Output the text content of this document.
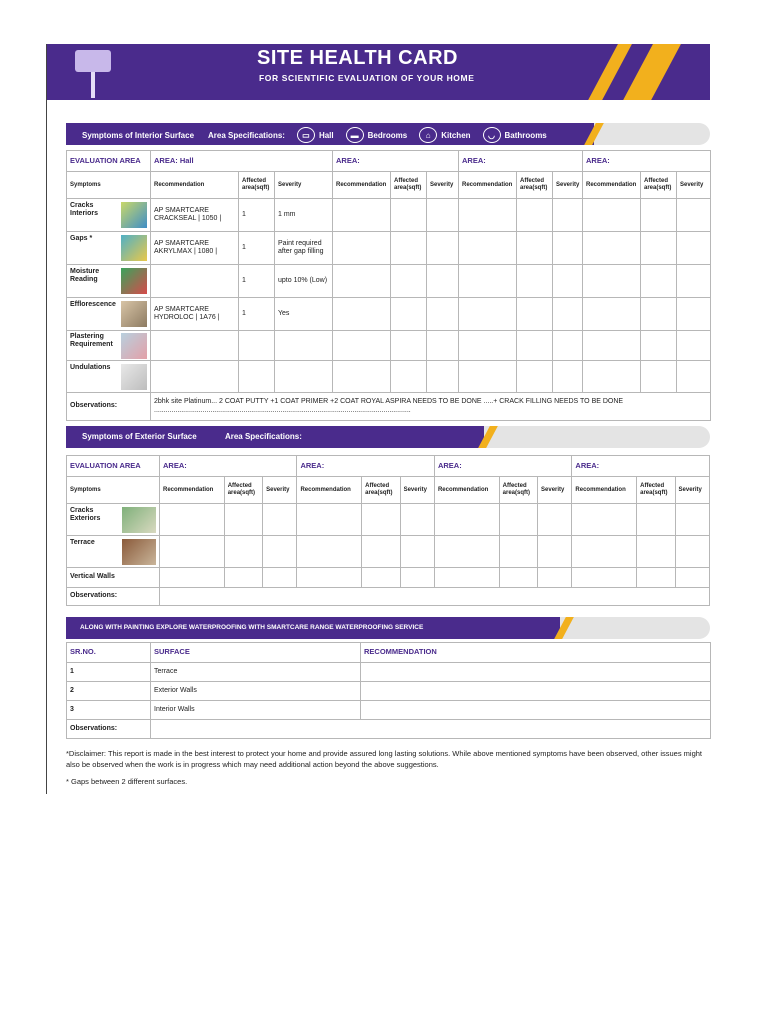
SITE HEALTH CARD
FOR SCIENTIFIC EVALUATION OF YOUR HOME
Symptoms of Interior Surface Area Specifications:	▭	Hall	▬	Bedrooms	⌂	Kitchen	◡	Bathrooms
EVALUATION AREA	AREA: Hall			AREA:			AREA:			AREA:		
Symptoms	Recommendation	Affected area(sqft)	Severity	Recommendation	Affected area(sqft)	Severity	Recommendation	Affected area(sqft)	Severity	Recommendation	Affected area(sqft)	Severity

Cracks Interiors	AP SMARTCARE CRACKSEAL | 1050 |	1	1 mm									

Gaps *	AP SMARTCARE AKRYLMAX | 1080 |	1	Paint required after gap filling									

Moisture Reading		1	upto 10% (Low)									

Efflorescence	AP SMARTCARE HYDROLOC | 1A76 |	1	Yes									

Plastering Requirement												

Undulations												
Observations:	2bhk site Platinum... 2 COAT PUTTY +1 COAT PRIMER +2 COAT ROYAL ASPIRA NEEDS TO BE DONE .....+ CRACK FILLING NEEDS TO BE DONE ....................................................................................................................................											
Symptoms of Exterior Surface	Area Specifications:
EVALUATION AREA	AREA:			AREA:			AREA:			AREA:		
Symptoms	Recommendation	Affected area(sqft)	Severity	Recommendation	Affected area(sqft)	Severity	Recommendation	Affected area(sqft)	Severity	Recommendation	Affected area(sqft)	Severity

Cracks Exteriors												

Terrace												
Vertical Walls												
Observations:												
ALONG WITH PAINTING EXPLORE WATERPROOFING WITH SMARTCARE RANGE WATERPROOFING SERVICE
SR.NO.	SURFACE	RECOMMENDATION
1	Terrace	
2	Exterior Walls	
3	Interior Walls	
Observations:		
*Disclaimer: This report is made in the best interest to protect your home and provide assured long lasting solutions. While above mentioned symptoms have been observed, other issues might also be observed when the work is in progress which may need additional action beyond the above suggestions.
* Gaps between 2 different surfaces.
